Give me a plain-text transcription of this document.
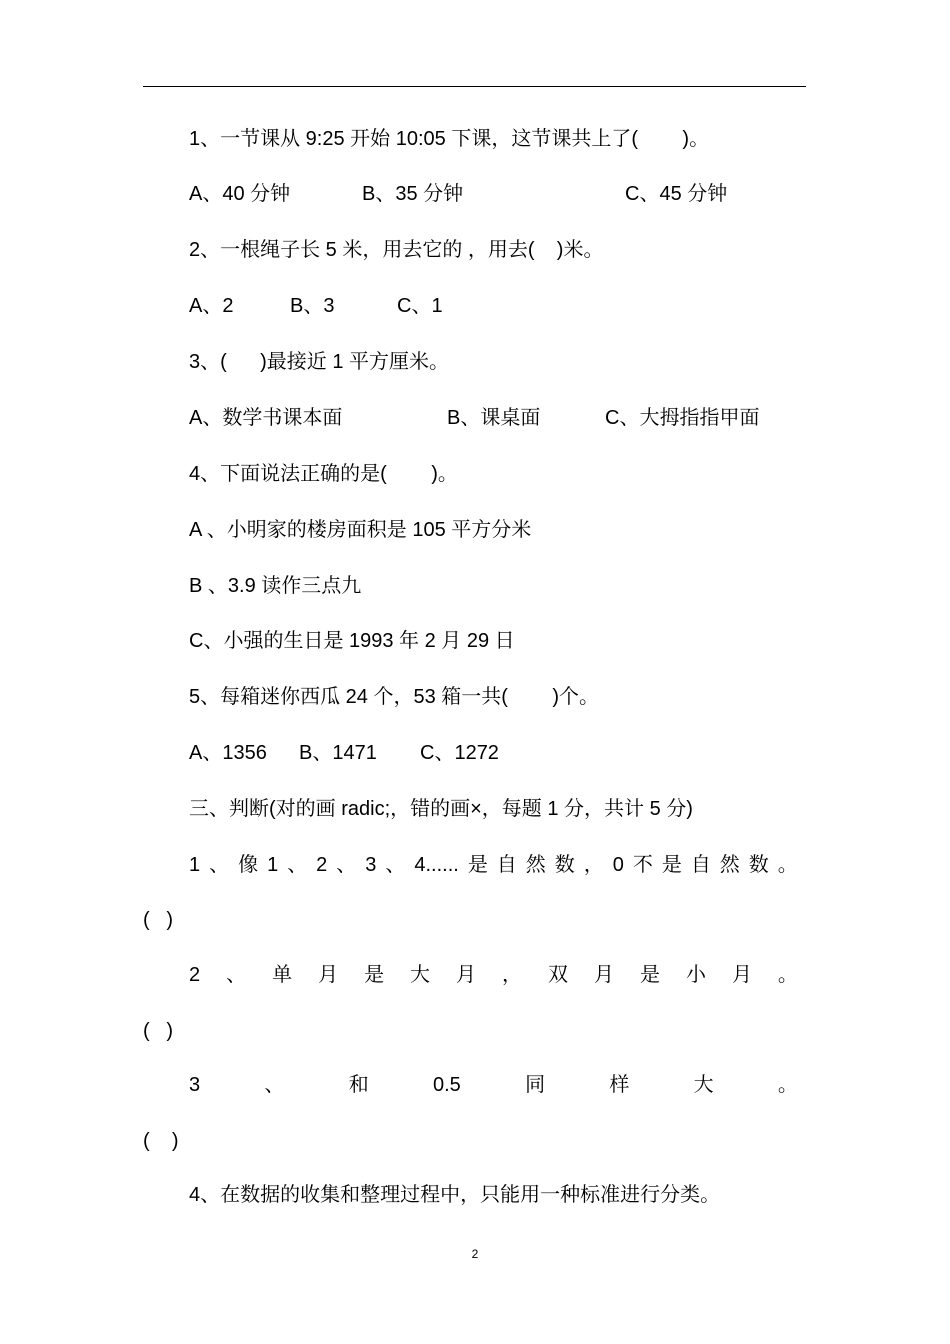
1、一节课从 9:25 开始 10:05 下课，这节课共上了(        )。
A、40 分钟	B、35 分钟	C、45 分钟
2、一根绳子长 5 米，用去它的 ，用去(    )米。
A、2	B、3	C、1
3、(      )最接近 1 平方厘米。
A、数学书课本面	B、课桌面	C、大拇指指甲面
4、下面说法正确的是(        )。
A 、小明家的楼房面积是 105 平方分米
B 、3.9 读作三点九
C、小强的生日是 1993 年 2 月 29 日
5、每箱迷你西瓜 24 个，53 箱一共(        )个。
A、1356 B、1471 C、1272
三、判断(对的画 radic;，错的画×，每题 1 分，共计 5 分)
1 、 像 1 、 2 、 3 、 4...... 是 自 然 数 ， 0 不 是 自 然 数 。
(   )
2 、 单 月 是 大 月 ， 双 月 是 小 月 。
(   )
3	、	和	0.5	同	样	大	。
(    )
4、在数据的收集和整理过程中，只能用一种标准进行分类。
2
